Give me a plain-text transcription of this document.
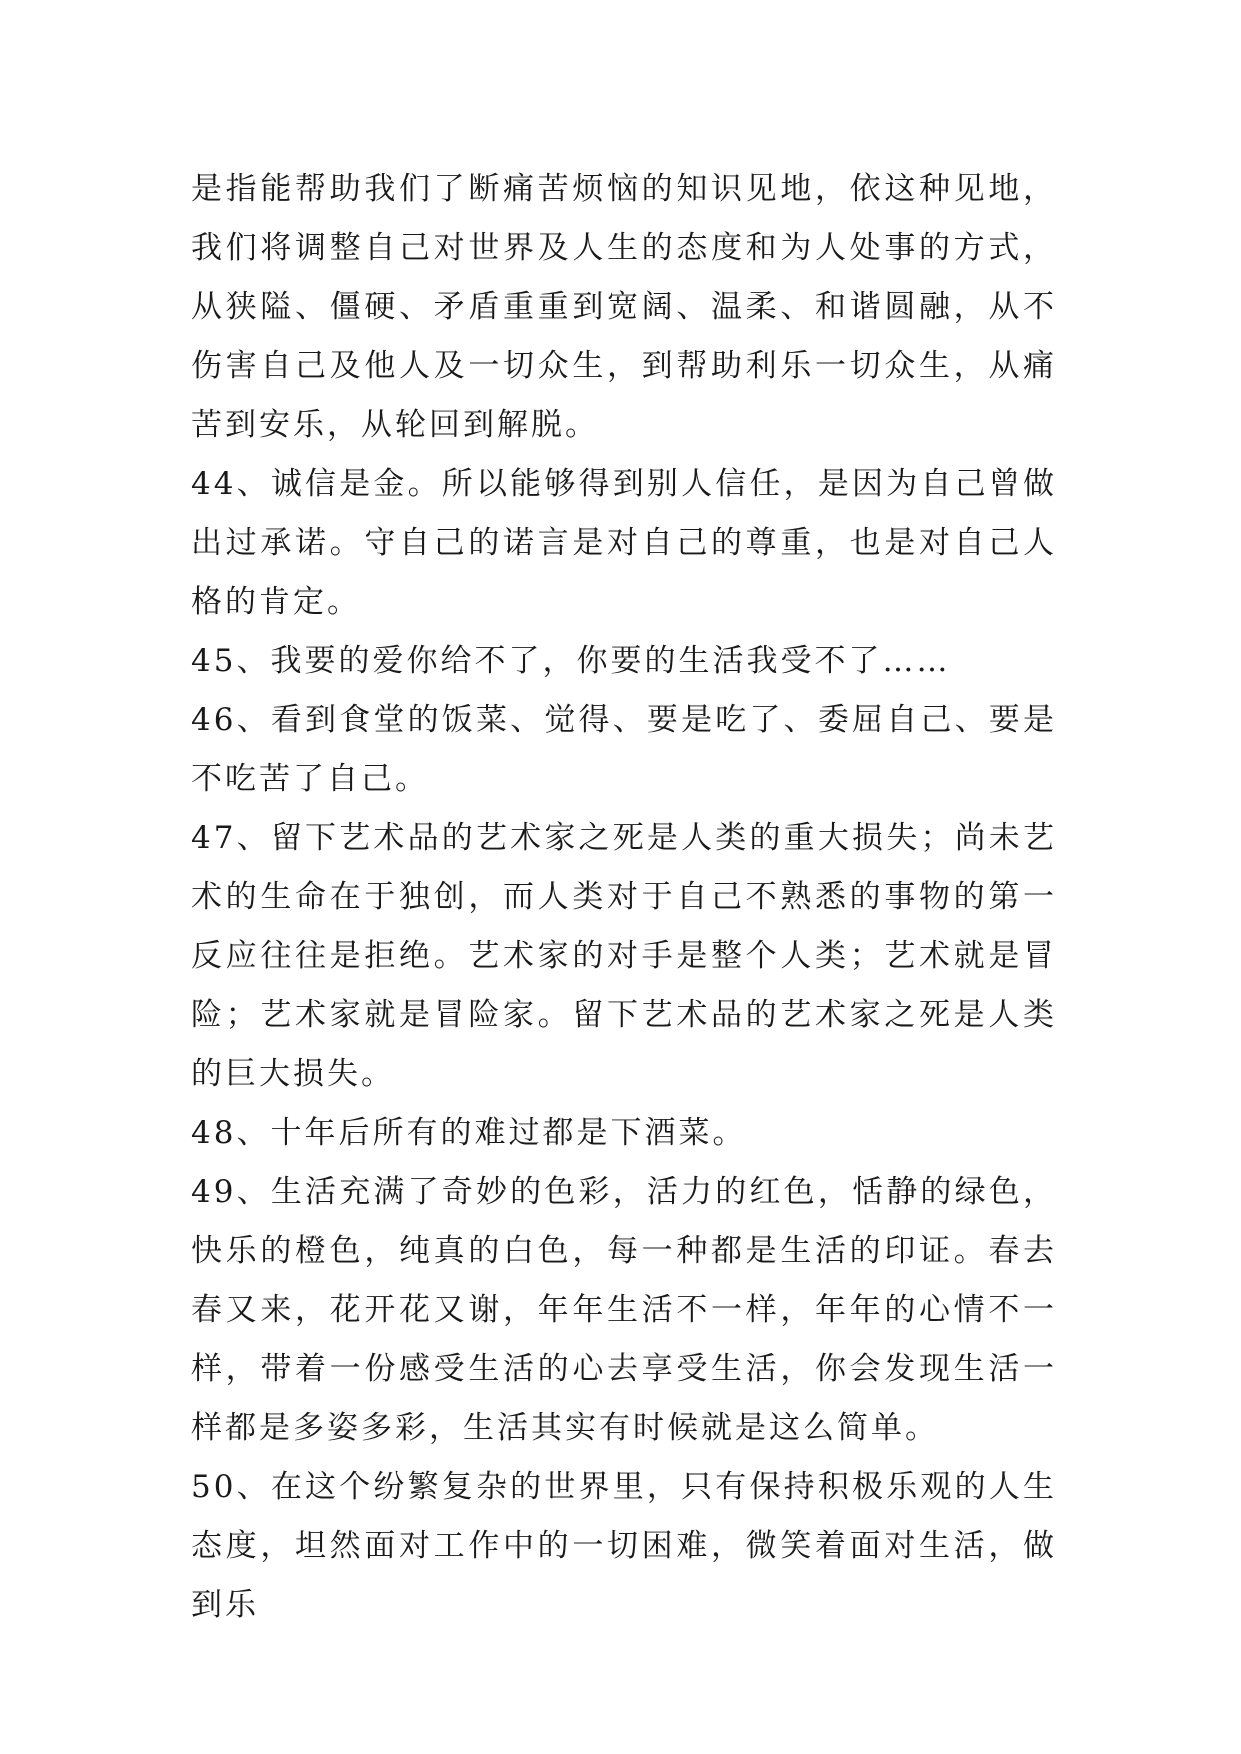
是指能帮助我们了断痛苦烦恼的知识见地，依这种见地，我们将调整自己对世界及人生的态度和为人处事的方式，从狭隘、僵硬、矛盾重重到宽阔、温柔、和谐圆融，从不伤害自己及他人及一切众生，到帮助利乐一切众生，从痛苦到安乐，从轮回到解脱。

44、诚信是金。所以能够得到别人信任，是因为自己曾做出过承诺。守自己的诺言是对自己的尊重，也是对自己人格的肯定。

45、我要的爱你给不了，你要的生活我受不了……

46、看到食堂的饭菜、觉得、要是吃了、委屈自己、要是不吃苦了自己。

47、留下艺术品的艺术家之死是人类的重大损失；尚未艺术的生命在于独创，而人类对于自己不熟悉的事物的第一反应往往是拒绝。艺术家的对手是整个人类；艺术就是冒险；艺术家就是冒险家。留下艺术品的艺术家之死是人类的巨大损失。

48、十年后所有的难过都是下酒菜。

49、生活充满了奇妙的色彩，活力的红色，恬静的绿色，快乐的橙色，纯真的白色，每一种都是生活的印证。春去春又来，花开花又谢，年年生活不一样，年年的心情不一样，带着一份感受生活的心去享受生活，你会发现生活一样都是多姿多彩，生活其实有时候就是这么简单。

50、在这个纷繁复杂的世界里，只有保持积极乐观的人生态度，坦然面对工作中的一切困难，微笑着面对生活，做到乐
